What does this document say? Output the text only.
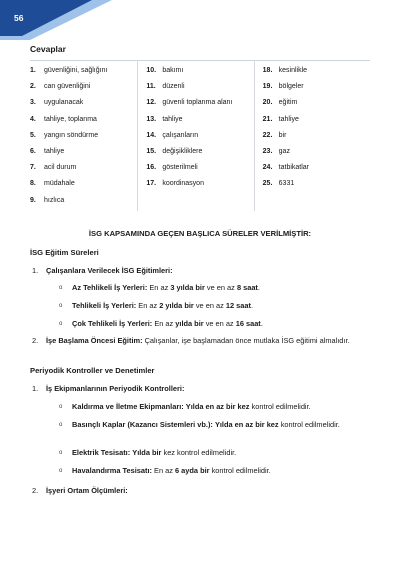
56
Cevaplar
1.	güvenliğini, sağlığını
2.	can güvenliğini
3.	uygulanacak
4.	tahliye, toplanma
5.	yangın söndürme
6.	tahliye
7.	acil durum
8.	müdahale
9.	hızlıca
10. bakımı
11. düzenli
12. güvenli toplanma alanı
13. tahliye
14. çalışanların
15. değişikliklere
16. gösterilmeli
17. koordinasyon
18. kesinlikle
19. bölgeler
20. eğitim
21. tahliye
22. bir
23. gaz
24. tatbikatlar
25. 6331
İSG KAPSAMINDA GEÇEN BAŞLICA SÜRELER VERİLMİŞTİR:
İSG Eğitim Süreleri
1.	Çalışanlara Verilecek İSG Eğitimleri:
o	Az Tehlikeli İş Yerleri: En az 3 yılda bir ve en az 8 saat.
o	Tehlikeli İş Yerleri: En az 2 yılda bir ve en az 12 saat.
o	Çok Tehlikeli İş Yerleri: En az yılda bir ve en az 16 saat.
2.	İşe Başlama Öncesi Eğitim: Çalışanlar, işe başlamadan önce mutlaka İSG eğitimi almalıdır.
Periyodik Kontroller ve Denetimler
1.	İş Ekipmanlarının Periyodik Kontrolleri:
o	Kaldırma ve İletme Ekipmanları: Yılda en az bir kez kontrol edilmelidir.
o	Basınçlı Kaplar (Kazancı Sistemleri vb.): Yılda en az bir kez kontrol edilmelidir.
o	Elektrik Tesisatı: Yılda bir kez kontrol edilmelidir.
o	Havalandırma Tesisatı: En az 6 ayda bir kontrol edilmelidir.
2.	İşyeri Ortam Ölçümleri:
